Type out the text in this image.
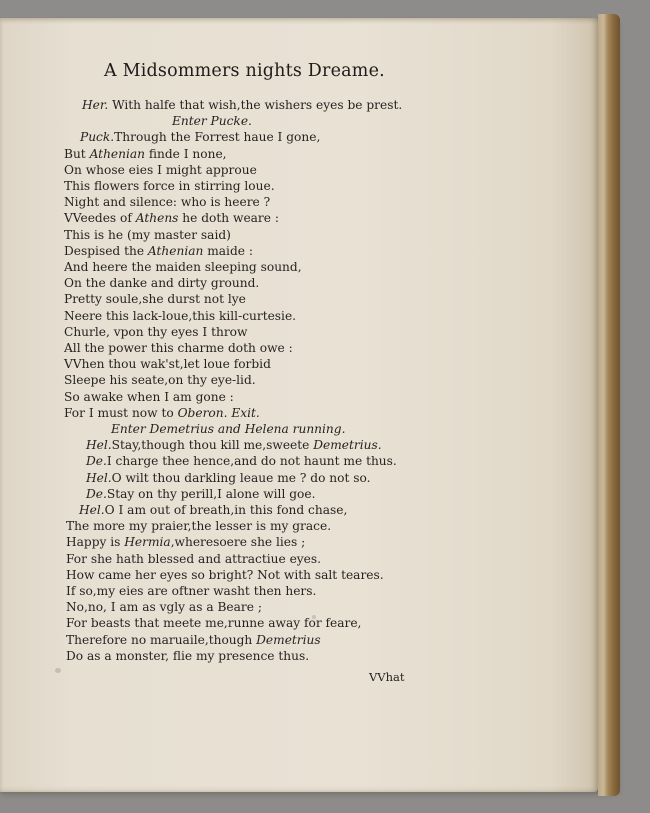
A Midsommers nights Dreame.
Her. With halfe that wish,the wishers eyes be prest.
Enter Pucke.
Puck.Through the Forrest haue I gone,
But Athenian finde I none,
On whose eies I might approue
This flowers force in stirring loue.
Night and silence: who is heere ?
VVeedes of Athens he doth weare :
This is he (my master said)
Despised the Athenian maide :
And heere the maiden sleeping sound,
On the danke and dirty ground.
Pretty soule,she durst not lye
Neere this lack-loue,this kill-curtesie.
Churle, vpon thy eyes I throw
All the power this charme doth owe :
VVhen thou wak'st,let loue forbid
Sleepe his seate,on thy eye-lid.
So awake when I am gone :
For I must now to Oberon. Exit.
Enter Demetrius and Helena running.
Hel.Stay,though thou kill me,sweete Demetrius.
De.I charge thee hence,and do not haunt me thus.
Hel.O wilt thou darkling leaue me ? do not so.
De.Stay on thy perill,I alone will goe.
Hel.O I am out of breath,in this fond chase,
The more my praier,the lesser is my grace.
Happy is Hermia,wheresoere she lies ;
For she hath blessed and attractiue eyes.
How came her eyes so bright? Not with salt teares.
If so,my eies are oftner washt then hers.
No,no, I am as vgly as a Beare ;
For beasts that meete me,runne away for feare,
Therefore no maruaile,though Demetrius
Do as a monster, flie my presence thus.
VVhat
